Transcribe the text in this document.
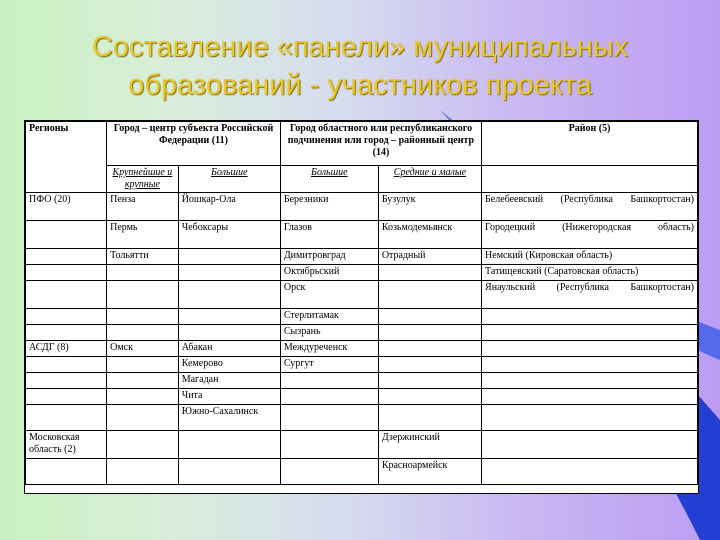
Составление «панели» муниципальных
образований - участников проекта
Регионы	Город – центр субъекта Российской Федерации (11)		Город областного или республиканского подчинения или город – районный центр (14)		Район (5)
	Крупнейшие и крупные	Большие	Большие	Средние и малые	
ПФО (20)	Пенза	Йошкар-Ола	Березники	Бузулук	Белебеевский (Республика Башкортостан)
	Пермь	Чебоксары	Глазов	Козьмодемьянск	Городецкий (Нижегородская область)
	Тольятти		Димитровград	Отрадный	Немский (Кировская область)
			Октябрьский		Татищевский (Саратовская область)
			Орск		Янаульский (Республика Башкортостан)
			Стерлитамак		
			Сызрань		
АСДГ (8)	Омск	Абакан	Междуреченск		
		Кемерово	Сургут		
		Магадан			
		Чита			
		Южно-Сахалинск			
Московская область (2)				Дзержинский	
				Красноармейск	
